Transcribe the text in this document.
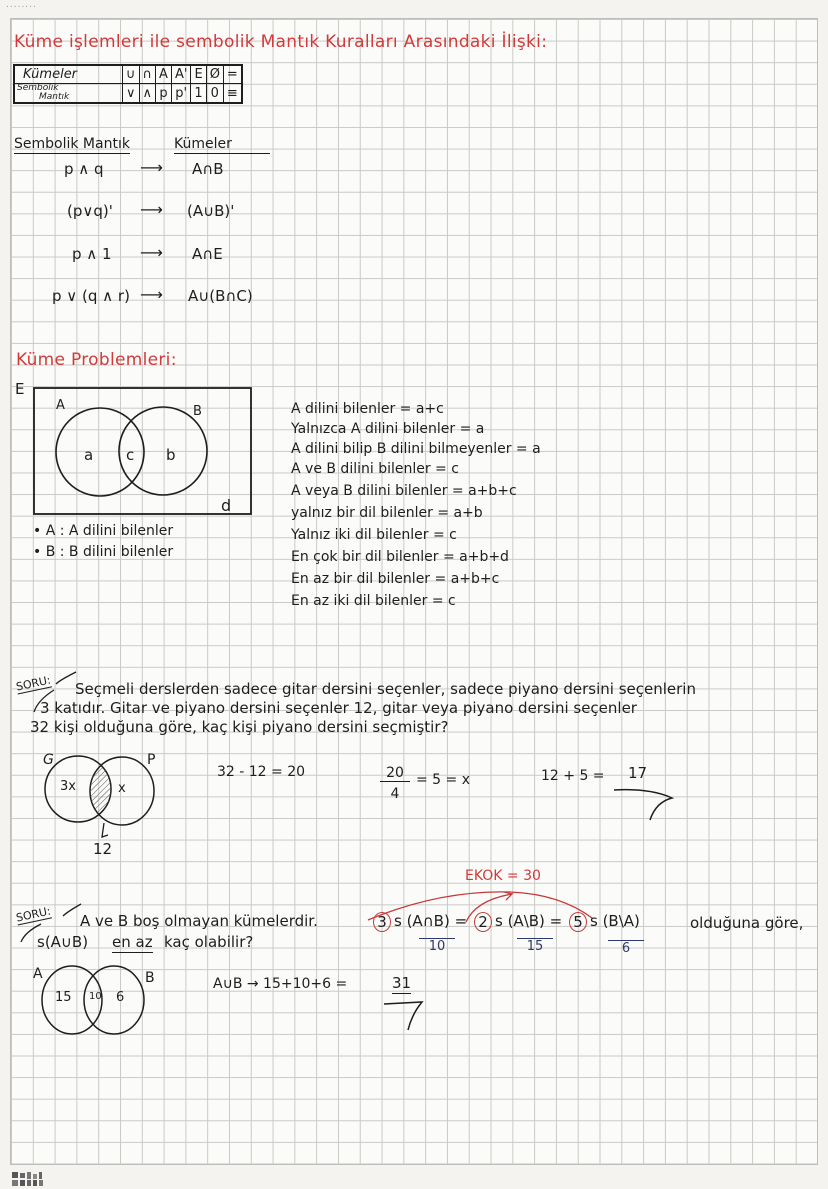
........
Küme işlemleri ile sembolik Mantık Kuralları Arasındaki İlişki:
Kümeler	∪	∩	A	A'	E	Ø	=
Sembolik
Mantık	∨	∧	p	p'	1	0	≡
Sembolik Mantık	Kümeler
p ∧ q ⟶ A∩B
(p∨q)' ⟶ (A∪B)'
p ∧ 1 ⟶ A∩E
p ∨ (q ∧ r) ⟶ A∪(B∩C)
Küme Problemleri:
E
A	B
a c b
d
• A : A dilini bilenler
• B : B dilini bilenler
A dilini bilenler = a+c
Yalnızca A dilini bilenler = a
A dilini bilip B dilini bilmeyenler = a
A ve B dilini bilenler = c
A veya B dilini bilenler = a+b+c
yalnız bir dil bilenler = a+b
Yalnız iki dil bilenler = c
En çok bir dil bilenler = a+b+d
En az bir dil bilenler = a+b+c
En az iki dil bilenler = c
SORU: Seçmeli derslerden sadece gitar dersini seçenler, sadece piyano dersini seçenlerin
3 katıdır. Gitar ve piyano dersini seçenler 12, gitar veya piyano dersini seçenler
32 kişi olduğuna göre, kaç kişi piyano dersini seçmiştir?
G	P
3x	x
12
32 - 12 = 20	20
4
= 5 = x	12 + 5 = 17
EKOK = 30
SORU: A ve B boş olmayan kümelerdir.	3 s (A∩B) = 2 s (A\B) = 5 s (B\A)	olduğuna göre,
10	15	6
s(A∪B) en az kaç olabilir?
A	B
15 10 6
A∪B → 15+10+6 =	31
